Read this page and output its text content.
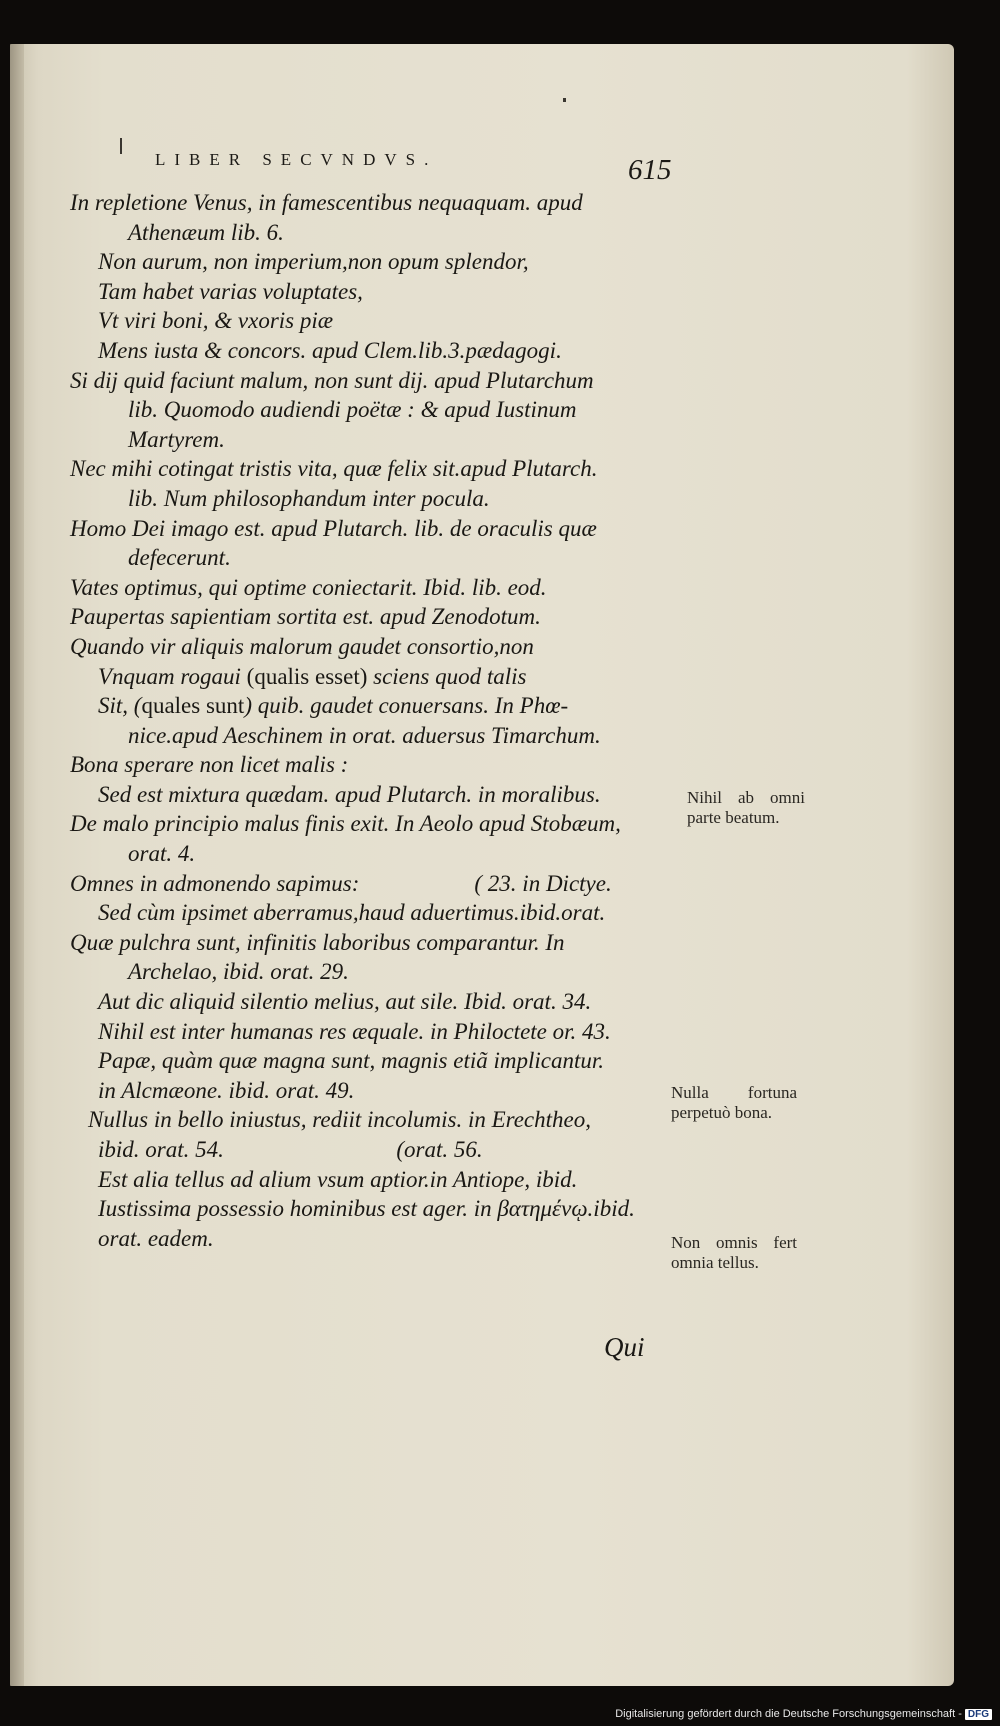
LIBER SECVNDVS.	615
In repletione Venus, in famescentibus nequaquam. apud
Athenæum lib. 6.
Non aurum, non imperium,non opum splendor,
Tam habet varias voluptates,
Vt viri boni, & vxoris piæ
Mens iusta & concors. apud Clem.lib.3.pædagogi.
Si dij quid faciunt malum, non sunt dij. apud Plutarchum
lib. Quomodo audiendi poëtæ : & apud Iustinum
Martyrem.
Nec mihi cotingat tristis vita, quæ felix sit.apud Plutarch.
lib. Num philosophandum inter pocula.
Homo Dei imago est. apud Plutarch. lib. de oraculis quæ
defecerunt.
Vates optimus, qui optime coniectarit. Ibid. lib. eod.
Paupertas sapientiam sortita est. apud Zenodotum.
Quando vir aliquis malorum gaudet consortio,non
Vnquam rogaui (qualis esset) sciens quod talis
Sit, (quales sunt) quib. gaudet conuersans. In Phœ-
nice.apud Aeschinem in orat. aduersus Timarchum.
Bona sperare non licet malis :
Sed est mixtura quædam. apud Plutarch. in moralibus.
De malo principio malus finis exit. In Aeolo apud Stobæum,
orat. 4.
Omnes in admonendo sapimus:                    ( 23. in Dictye.
Sed cùm ipsimet aberramus,haud aduertimus.ibid.orat.
Quæ pulchra sunt, infinitis laboribus comparantur. In
Archelao, ibid. orat. 29.
Aut dic aliquid silentio melius, aut sile. Ibid. orat. 34.
Nihil est inter humanas res æquale. in Philoctete or. 43.
Papæ, quàm quæ magna sunt, magnis etiã implicantur.
in Alcmæone. ibid. orat. 49.
Nullus in bello iniustus, rediit incolumis. in Erechtheo,
ibid. orat. 54.                              (orat. 56.
Est alia tellus ad alium vsum aptior.in Antiope, ibid.
Iustissima possessio hominibus est ager. in βατημένῳ.ibid.
orat. eadem.
Qui
Nihil ab omni parte beatum.
Nulla fortuna perpetuò bona.
Non omnis fert omnia tellus.
Digitalisierung gefördert durch die Deutsche Forschungsgemeinschaft - DFG
